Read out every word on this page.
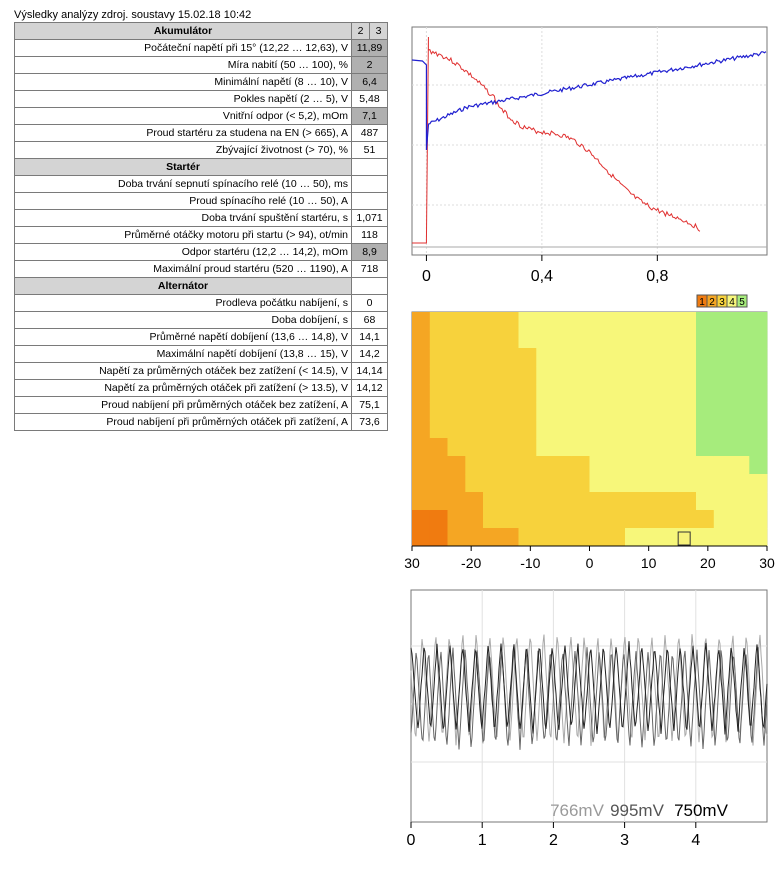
Výsledky analýzy zdroj. soustavy 15.02.18 10:42
Akumulátor	2	3
Počáteční napětí při 15° (12,22 … 12,63), V	11,89	
Míra nabití (50 … 100), %	2	
Minimální napětí (8 … 10), V	6,4	
Pokles napětí (2 … 5), V	5,48	
Vnitřní odpor (< 5,2), mOm	7,1	
Proud startéru za studena na EN (> 665), A	487	
Zbývající životnost (> 70), %	51	
Startér		
Doba trvání sepnutí spínacího relé (10 … 50), ms		
Proud spínacího relé (10 … 50), A		
Doba trvání spuštění startéru, s	1,071	
Průměrné otáčky motoru při startu (> 94), ot/min	118	
Odpor startéru (12,2 … 14,2), mOm	8,9	
Maximální proud startéru (520 … 1190), A	718	
Alternátor		
Prodleva počátku nabíjení, s	0	
Doba dobíjení, s	68	
Průměrné napětí dobíjení (13,6 … 14,8), V	14,1	
Maximální napětí dobíjení (13,8 … 15), V	14,2	
Napětí za průměrných otáček bez zatížení (< 14.5), V	14,14	
Napětí za průměrných otáček při zatížení (> 13.5), V	14,12	
Proud nabíjení při průměrných otáček bez zatížení, A	75,1	
Proud nabíjení při průměrných otáček při zatížení, A	73,6	
0	0,4	0,8
1 2 3 4 5
30	-20	-10	0	10	20	30
766mV 995mV 750mV
0	1	2	3	4
